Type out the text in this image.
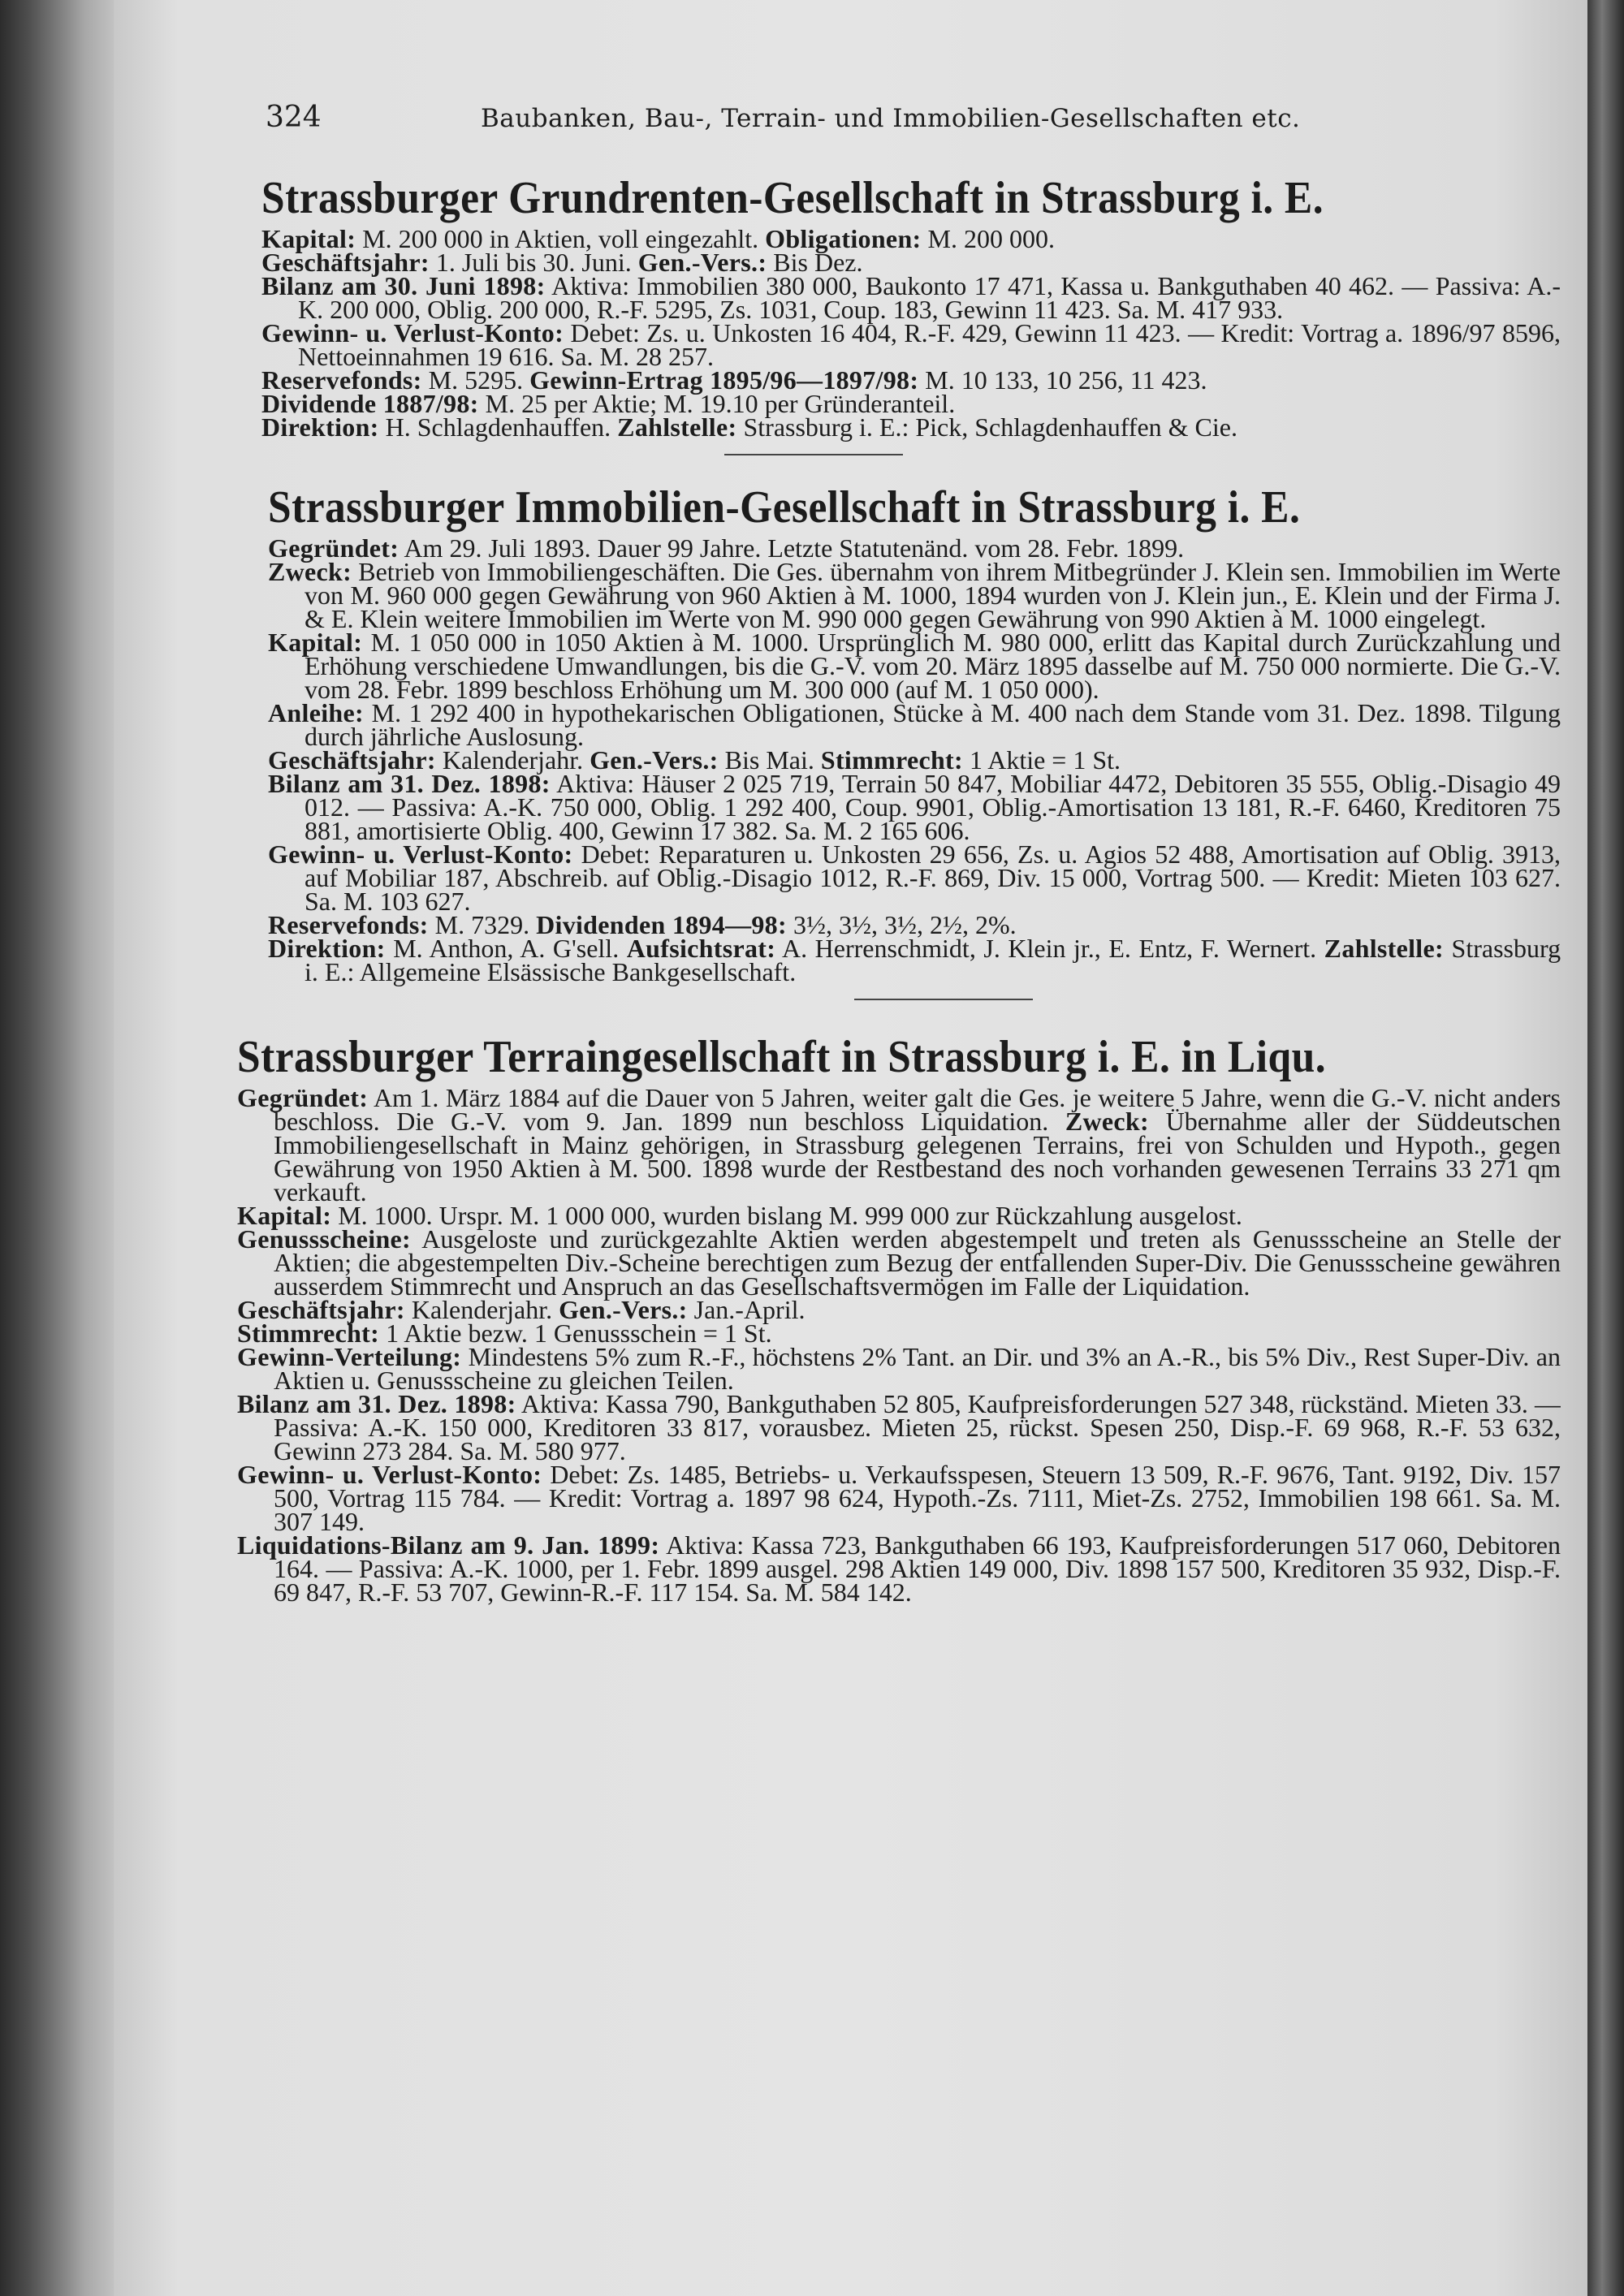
324	Baubanken, Bau-, Terrain- und Immobilien-Gesellschaften etc.
Strassburger Grundrenten-Gesellschaft in Strassburg i. E.

Kapital: M. 200 000 in Aktien, voll eingezahlt. Obligationen: M. 200 000.

Geschäftsjahr: 1. Juli bis 30. Juni. Gen.-Vers.: Bis Dez.

Bilanz am 30. Juni 1898: Aktiva: Immobilien 380 000, Baukonto 17 471, Kassa u. Bankguthaben 40 462. — Passiva: A.-K. 200 000, Oblig. 200 000, R.-F. 5295, Zs. 1031, Coup. 183, Gewinn 11 423. Sa. M. 417 933.

Gewinn- u. Verlust-Konto: Debet: Zs. u. Unkosten 16 404, R.-F. 429, Gewinn 11 423. — Kredit: Vortrag a. 1896/97 8596, Nettoeinnahmen 19 616. Sa. M. 28 257.

Reservefonds: M. 5295. Gewinn-Ertrag 1895/96—1897/98: M. 10 133, 10 256, 11 423.

Dividende 1887/98: M. 25 per Aktie; M. 19.10 per Gründeranteil.

Direktion: H. Schlagdenhauffen. Zahlstelle: Strassburg i. E.: Pick, Schlagdenhauffen & Cie.

Strassburger Immobilien-Gesellschaft in Strassburg i. E.

Gegründet: Am 29. Juli 1893. Dauer 99 Jahre. Letzte Statutenänd. vom 28. Febr. 1899.

Zweck: Betrieb von Immobiliengeschäften. Die Ges. übernahm von ihrem Mitbegründer J. Klein sen. Immobilien im Werte von M. 960 000 gegen Gewährung von 960 Aktien à M. 1000, 1894 wurden von J. Klein jun., E. Klein und der Firma J. & E. Klein weitere Immobilien im Werte von M. 990 000 gegen Gewährung von 990 Aktien à M. 1000 eingelegt.

Kapital: M. 1 050 000 in 1050 Aktien à M. 1000. Ursprünglich M. 980 000, erlitt das Kapital durch Zurückzahlung und Erhöhung verschiedene Umwandlungen, bis die G.-V. vom 20. März 1895 dasselbe auf M. 750 000 normierte. Die G.-V. vom 28. Febr. 1899 beschloss Erhöhung um M. 300 000 (auf M. 1 050 000).

Anleihe: M. 1 292 400 in hypothekarischen Obligationen, Stücke à M. 400 nach dem Stande vom 31. Dez. 1898. Tilgung durch jährliche Auslosung.

Geschäftsjahr: Kalenderjahr. Gen.-Vers.: Bis Mai. Stimmrecht: 1 Aktie = 1 St.

Bilanz am 31. Dez. 1898: Aktiva: Häuser 2 025 719, Terrain 50 847, Mobiliar 4472, Debitoren 35 555, Oblig.-Disagio 49 012. — Passiva: A.-K. 750 000, Oblig. 1 292 400, Coup. 9901, Oblig.-Amortisation 13 181, R.-F. 6460, Kreditoren 75 881, amortisierte Oblig. 400, Gewinn 17 382. Sa. M. 2 165 606.

Gewinn- u. Verlust-Konto: Debet: Reparaturen u. Unkosten 29 656, Zs. u. Agios 52 488, Amortisation auf Oblig. 3913, auf Mobiliar 187, Abschreib. auf Oblig.-Disagio 1012, R.-F. 869, Div. 15 000, Vortrag 500. — Kredit: Mieten 103 627. Sa. M. 103 627.

Reservefonds: M. 7329. Dividenden 1894—98: 3½, 3½, 3½, 2½, 2%.

Direktion: M. Anthon, A. G'sell. Aufsichtsrat: A. Herrenschmidt, J. Klein jr., E. Entz, F. Wernert. Zahlstelle: Strassburg i. E.: Allgemeine Elsässische Bankgesellschaft.

Strassburger Terraingesellschaft in Strassburg i. E. in Liqu.

Gegründet: Am 1. März 1884 auf die Dauer von 5 Jahren, weiter galt die Ges. je weitere 5 Jahre, wenn die G.-V. nicht anders beschloss. Die G.-V. vom 9. Jan. 1899 nun beschloss Liquidation. Zweck: Übernahme aller der Süddeutschen Immobiliengesellschaft in Mainz gehörigen, in Strassburg gelegenen Terrains, frei von Schulden und Hypoth., gegen Gewährung von 1950 Aktien à M. 500. 1898 wurde der Restbestand des noch vorhanden gewesenen Terrains 33 271 qm verkauft.

Kapital: M. 1000. Urspr. M. 1 000 000, wurden bislang M. 999 000 zur Rückzahlung ausgelost.

Genussscheine: Ausgeloste und zurückgezahlte Aktien werden abgestempelt und treten als Genussscheine an Stelle der Aktien; die abgestempelten Div.-Scheine berechtigen zum Bezug der entfallenden Super-Div. Die Genussscheine gewähren ausserdem Stimmrecht und Anspruch an das Gesellschaftsvermögen im Falle der Liquidation.

Geschäftsjahr: Kalenderjahr. Gen.-Vers.: Jan.-April.

Stimmrecht: 1 Aktie bezw. 1 Genussschein = 1 St.

Gewinn-Verteilung: Mindestens 5% zum R.-F., höchstens 2% Tant. an Dir. und 3% an A.-R., bis 5% Div., Rest Super-Div. an Aktien u. Genussscheine zu gleichen Teilen.

Bilanz am 31. Dez. 1898: Aktiva: Kassa 790, Bankguthaben 52 805, Kaufpreisforderungen 527 348, rückständ. Mieten 33. — Passiva: A.-K. 150 000, Kreditoren 33 817, vorausbez. Mieten 25, rückst. Spesen 250, Disp.-F. 69 968, R.-F. 53 632, Gewinn 273 284. Sa. M. 580 977.

Gewinn- u. Verlust-Konto: Debet: Zs. 1485, Betriebs- u. Verkaufsspesen, Steuern 13 509, R.-F. 9676, Tant. 9192, Div. 157 500, Vortrag 115 784. — Kredit: Vortrag a. 1897 98 624, Hypoth.-Zs. 7111, Miet-Zs. 2752, Immobilien 198 661. Sa. M. 307 149.

Liquidations-Bilanz am 9. Jan. 1899: Aktiva: Kassa 723, Bankguthaben 66 193, Kaufpreisforderungen 517 060, Debitoren 164. — Passiva: A.-K. 1000, per 1. Febr. 1899 ausgel. 298 Aktien 149 000, Div. 1898 157 500, Kreditoren 35 932, Disp.-F. 69 847, R.-F. 53 707, Gewinn-R.-F. 117 154. Sa. M. 584 142.
